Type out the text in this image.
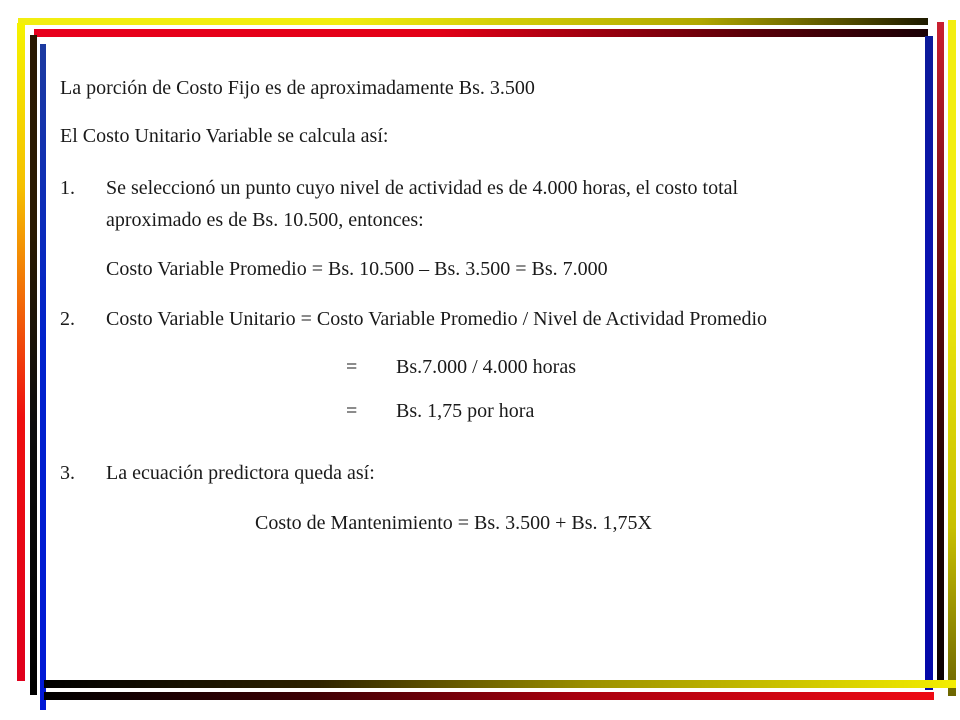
La porción de Costo Fijo es de aproximadamente Bs. 3.500
El Costo Unitario Variable se calcula así:
1. Se seleccionó un punto cuyo nivel de actividad es de 4.000 horas, el costo total
aproximado es de Bs. 10.500, entonces:
Costo Variable Promedio = Bs. 10.500 – Bs. 3.500 = Bs. 7.000
2. Costo Variable Unitario = Costo Variable Promedio / Nivel de Actividad Promedio
= Bs.7.000 / 4.000 horas
= Bs. 1,75 por hora
3. La ecuación predictora queda así:
Costo de Mantenimiento = Bs. 3.500 + Bs. 1,75X
